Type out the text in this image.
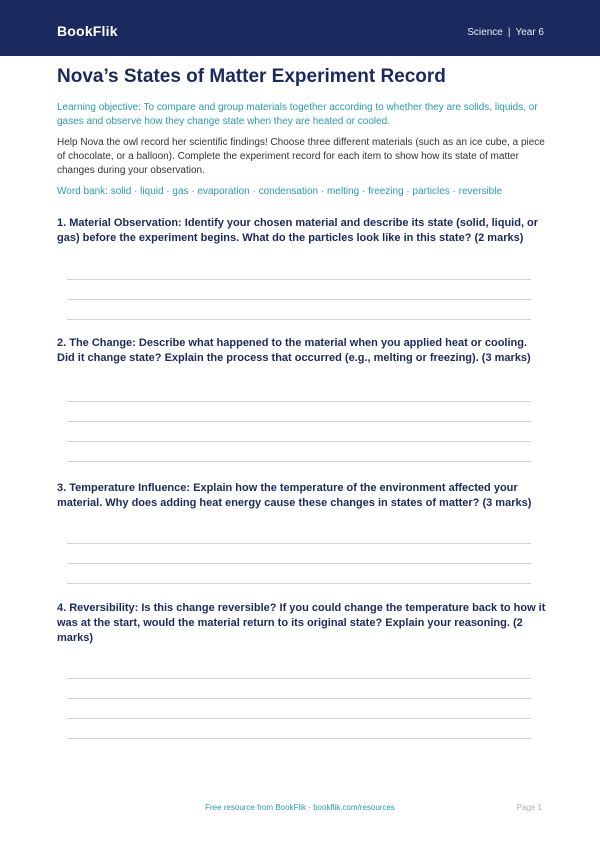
BookFlik	Science | Year 6
Nova’s States of Matter Experiment Record

Learning objective: To compare and group materials together according to whether they are solids, liquids, or gases and observe how they change state when they are heated or cooled.

Help Nova the owl record her scientific findings! Choose three different materials (such as an ice cube, a piece of chocolate, or a balloon). Complete the experiment record for each item to show how its state of matter changes during your observation.

Word bank: solid · liquid · gas · evaporation · condensation · melting · freezing · particles · reversible

1. Material Observation: Identify your chosen material and describe its state (solid, liquid, or gas) before the experiment begins. What do the particles look like in this state? (2 marks)

2. The Change: Describe what happened to the material when you applied heat or cooling. Did it change state? Explain the process that occurred (e.g., melting or freezing). (3 marks)

3. Temperature Influence: Explain how the temperature of the environment affected your material. Why does adding heat energy cause these changes in states of matter? (3 marks)

4. Reversibility: Is this change reversible? If you could change the temperature back to how it was at the start, would the material return to its original state? Explain your reasoning. (2 marks)

Free resource from BookFlik · bookflik.com/resources	Page 1
